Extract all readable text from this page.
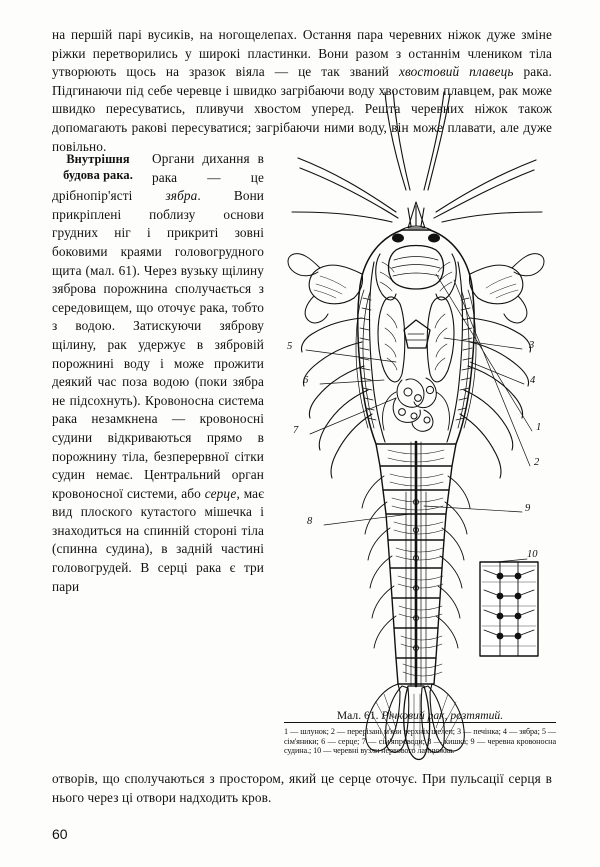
на першій парі вусиків, на ногощелепах. Остання пара черевних ніжок дуже змінe ріжки перетворились у широкі пластинки. Вони разом з останнім члеником тіла утворюють щось на зразок віяла — це так званий хвостовий плавець рака. Підгинаючи під себе черевце і швидко загрібаючи воду хвостовим плавцем, рак може швидко пересуватись, пливучи хвостом уперед. Решта черевних ніжок також допомагають раковi пересуватися; загрібаючи ними воду, він може плавати, але дуже повільно.

Внутрішня будова рака.
Органи дихання в рака — це дрібнопір'ясті зябра. Вони прикріплені поблизу основи грудних ніг і прикриті зовні боковими краями головогрудного щита (мал. 61). Через вузьку щілину зяброва порожнина сполучається з середовищем, що оточує рака, тобто з водою. Затискуючи зяброву щілину, рак удержує в зябровій порожнині воду і може прожити деякий час поза водою (поки зябра не підсохнуть). Кровоносна система рака незамкнена — кровоносні судини відкриваються прямо в порожнину тіла, безперервної сітки судин немає. Центральний орган кровоносної системи, або серце, має вид плоского кутастого мішечка і знаходиться на спинній стороні тіла (спинна судина), в задній частині головогрудей. В серці рака є три пари

5	3
6	4
7	1
2
8
9
10
Мал. 61. Річковий рак, розтятий.
1 — шлунок; 2 — перерізані м'язи верхніх щелеп; 3 — печінка; 4 — зябра; 5 — сім'яники; 6 — серце; 7 — сім'япроводи; 8 — кишка; 9 — черевна кровоносна судина.; 10 — черевні вузли нервового ланцюжка.

отворів, що сполучаються з простором, який це серце оточує. При пульсації серця в нього через ці отвори надходить кров.

60
